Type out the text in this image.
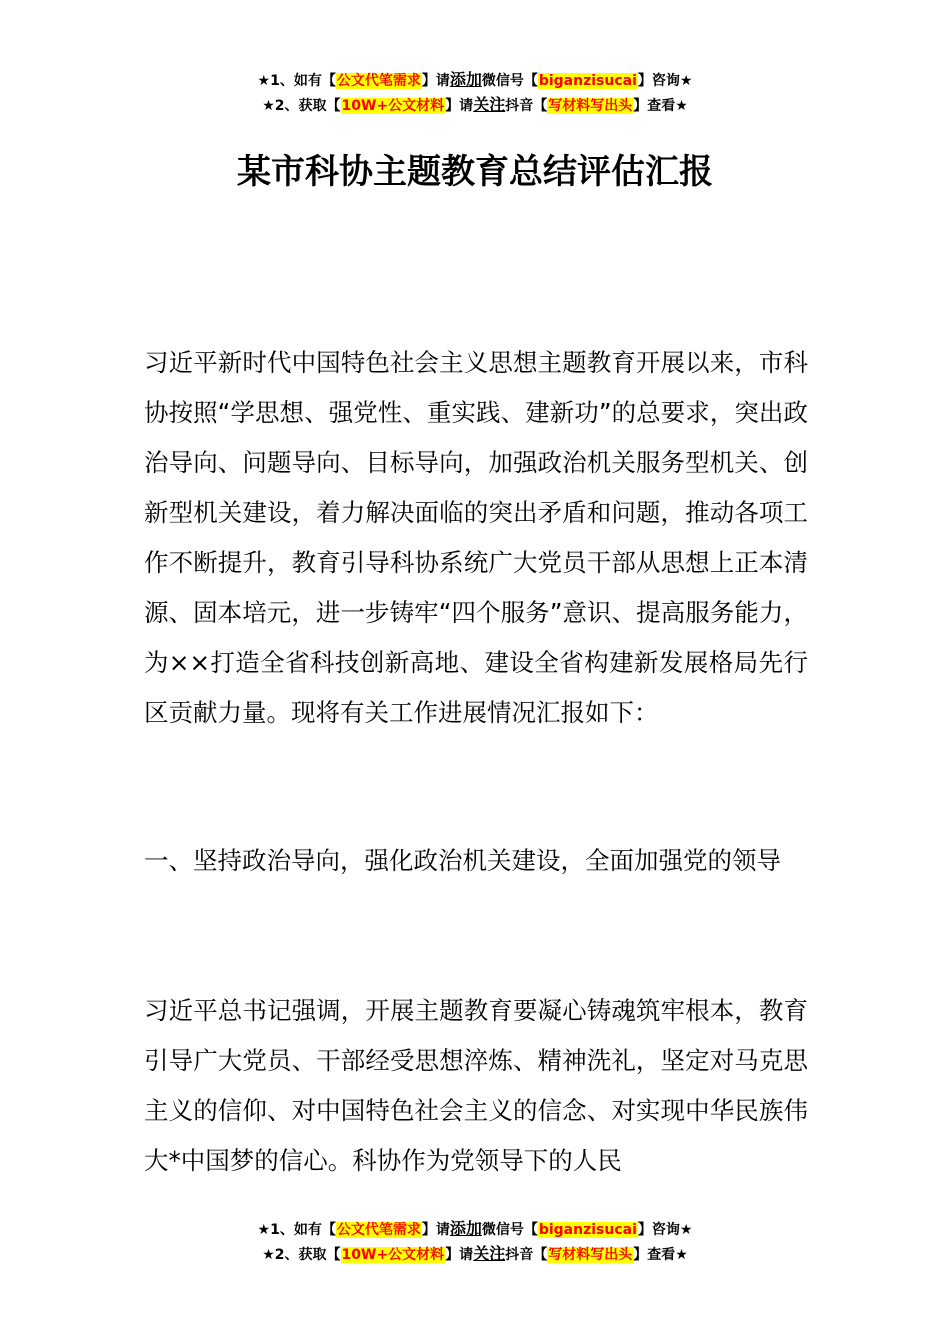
★1、如有【公文代笔需求】请添加微信号【biganzisucai】咨询★
★2、获取【10W+公文材料】请关注抖音【写材料写出头】查看★
某市科协主题教育总结评估汇报

习近平新时代中国特色社会主义思想主题教育开展以来，市科协按照“学思想、强党性、重实践、建新功”的总要求，突出政治导向、问题导向、目标导向，加强政治机关服务型机关、创新型机关建设，着力解决面临的突出矛盾和问题，推动各项工作不断提升，教育引导科协系统广大党员干部从思想上正本清源、固本培元，进一步铸牢“四个服务”意识、提高服务能力，为××打造全省科技创新高地、建设全省构建新发展格局先行区贡献力量。现将有关工作进展情况汇报如下：

一、坚持政治导向，强化政治机关建设，全面加强党的领导

习近平总书记强调，开展主题教育要凝心铸魂筑牢根本，教育引导广大党员、干部经受思想淬炼、精神洗礼，坚定对马克思主义的信仰、对中国特色社会主义的信念、对实现中华民族伟大*中国梦的信心。科协作为党领导下的人民

★1、如有【公文代笔需求】请添加微信号【biganzisucai】咨询★
★2、获取【10W+公文材料】请关注抖音【写材料写出头】查看★
